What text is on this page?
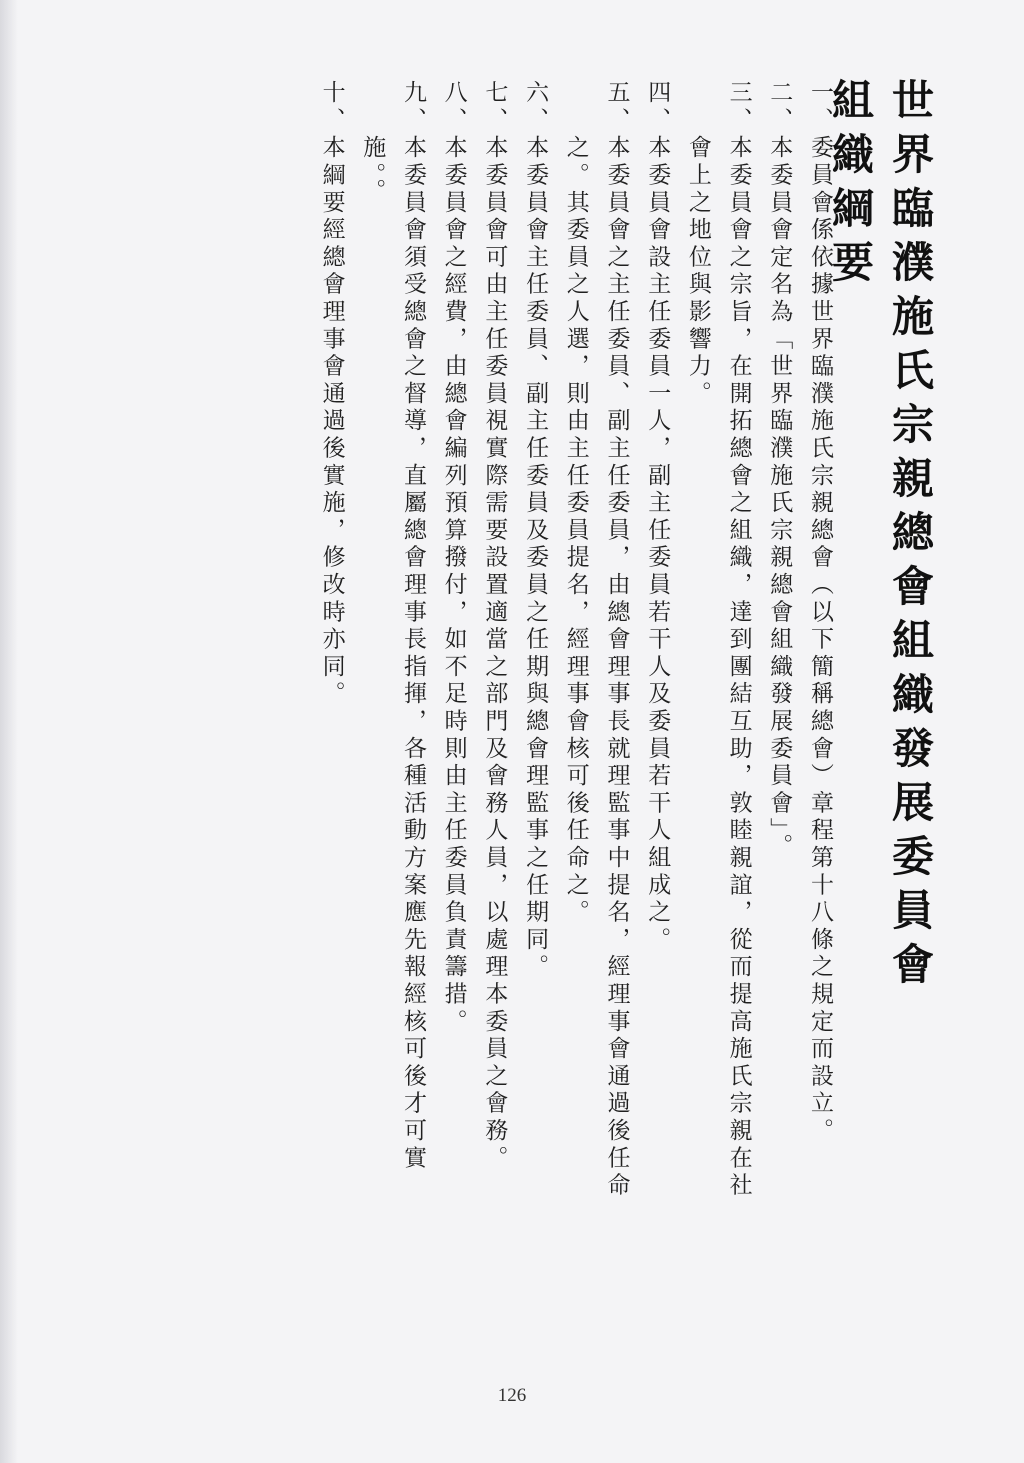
世界臨濮施氏宗親總會組織發展委員會組織綱要
一、
委員會係依據世界臨濮施氏宗親總會（以下簡稱總會）章程第十八條之規定而設立。
二、
本委員會定名為「世界臨濮施氏宗親總會組織發展委員會」。
三、
本委員會之宗旨，在開拓總會之組織，達到團結互助，敦睦親誼，從而提高施氏宗親在社會上之地位與影響力。
四、
本委員會設主任委員一人，副主任委員若干人及委員若干人組成之。
五、
本委員會之主任委員、副主任委員，由總會理事長就理監事中提名，經理事會通過後任命之。其委員之人選，則由主任委員提名，經理事會核可後任命之。
六、
本委員會主任委員、副主任委員及委員之任期與總會理監事之任期同。
七、
本委員會可由主任委員視實際需要設置適當之部門及會務人員，以處理本委員之會務。
八、
本委員會之經費，由總會編列預算撥付，如不足時則由主任委員負責籌措。
九、
本委員會須受總會之督導，直屬總會理事長指揮，各種活動方案應先報經核可後才可實施。。
十、
本綱要經總會理事會通過後實施，修改時亦同。
126
